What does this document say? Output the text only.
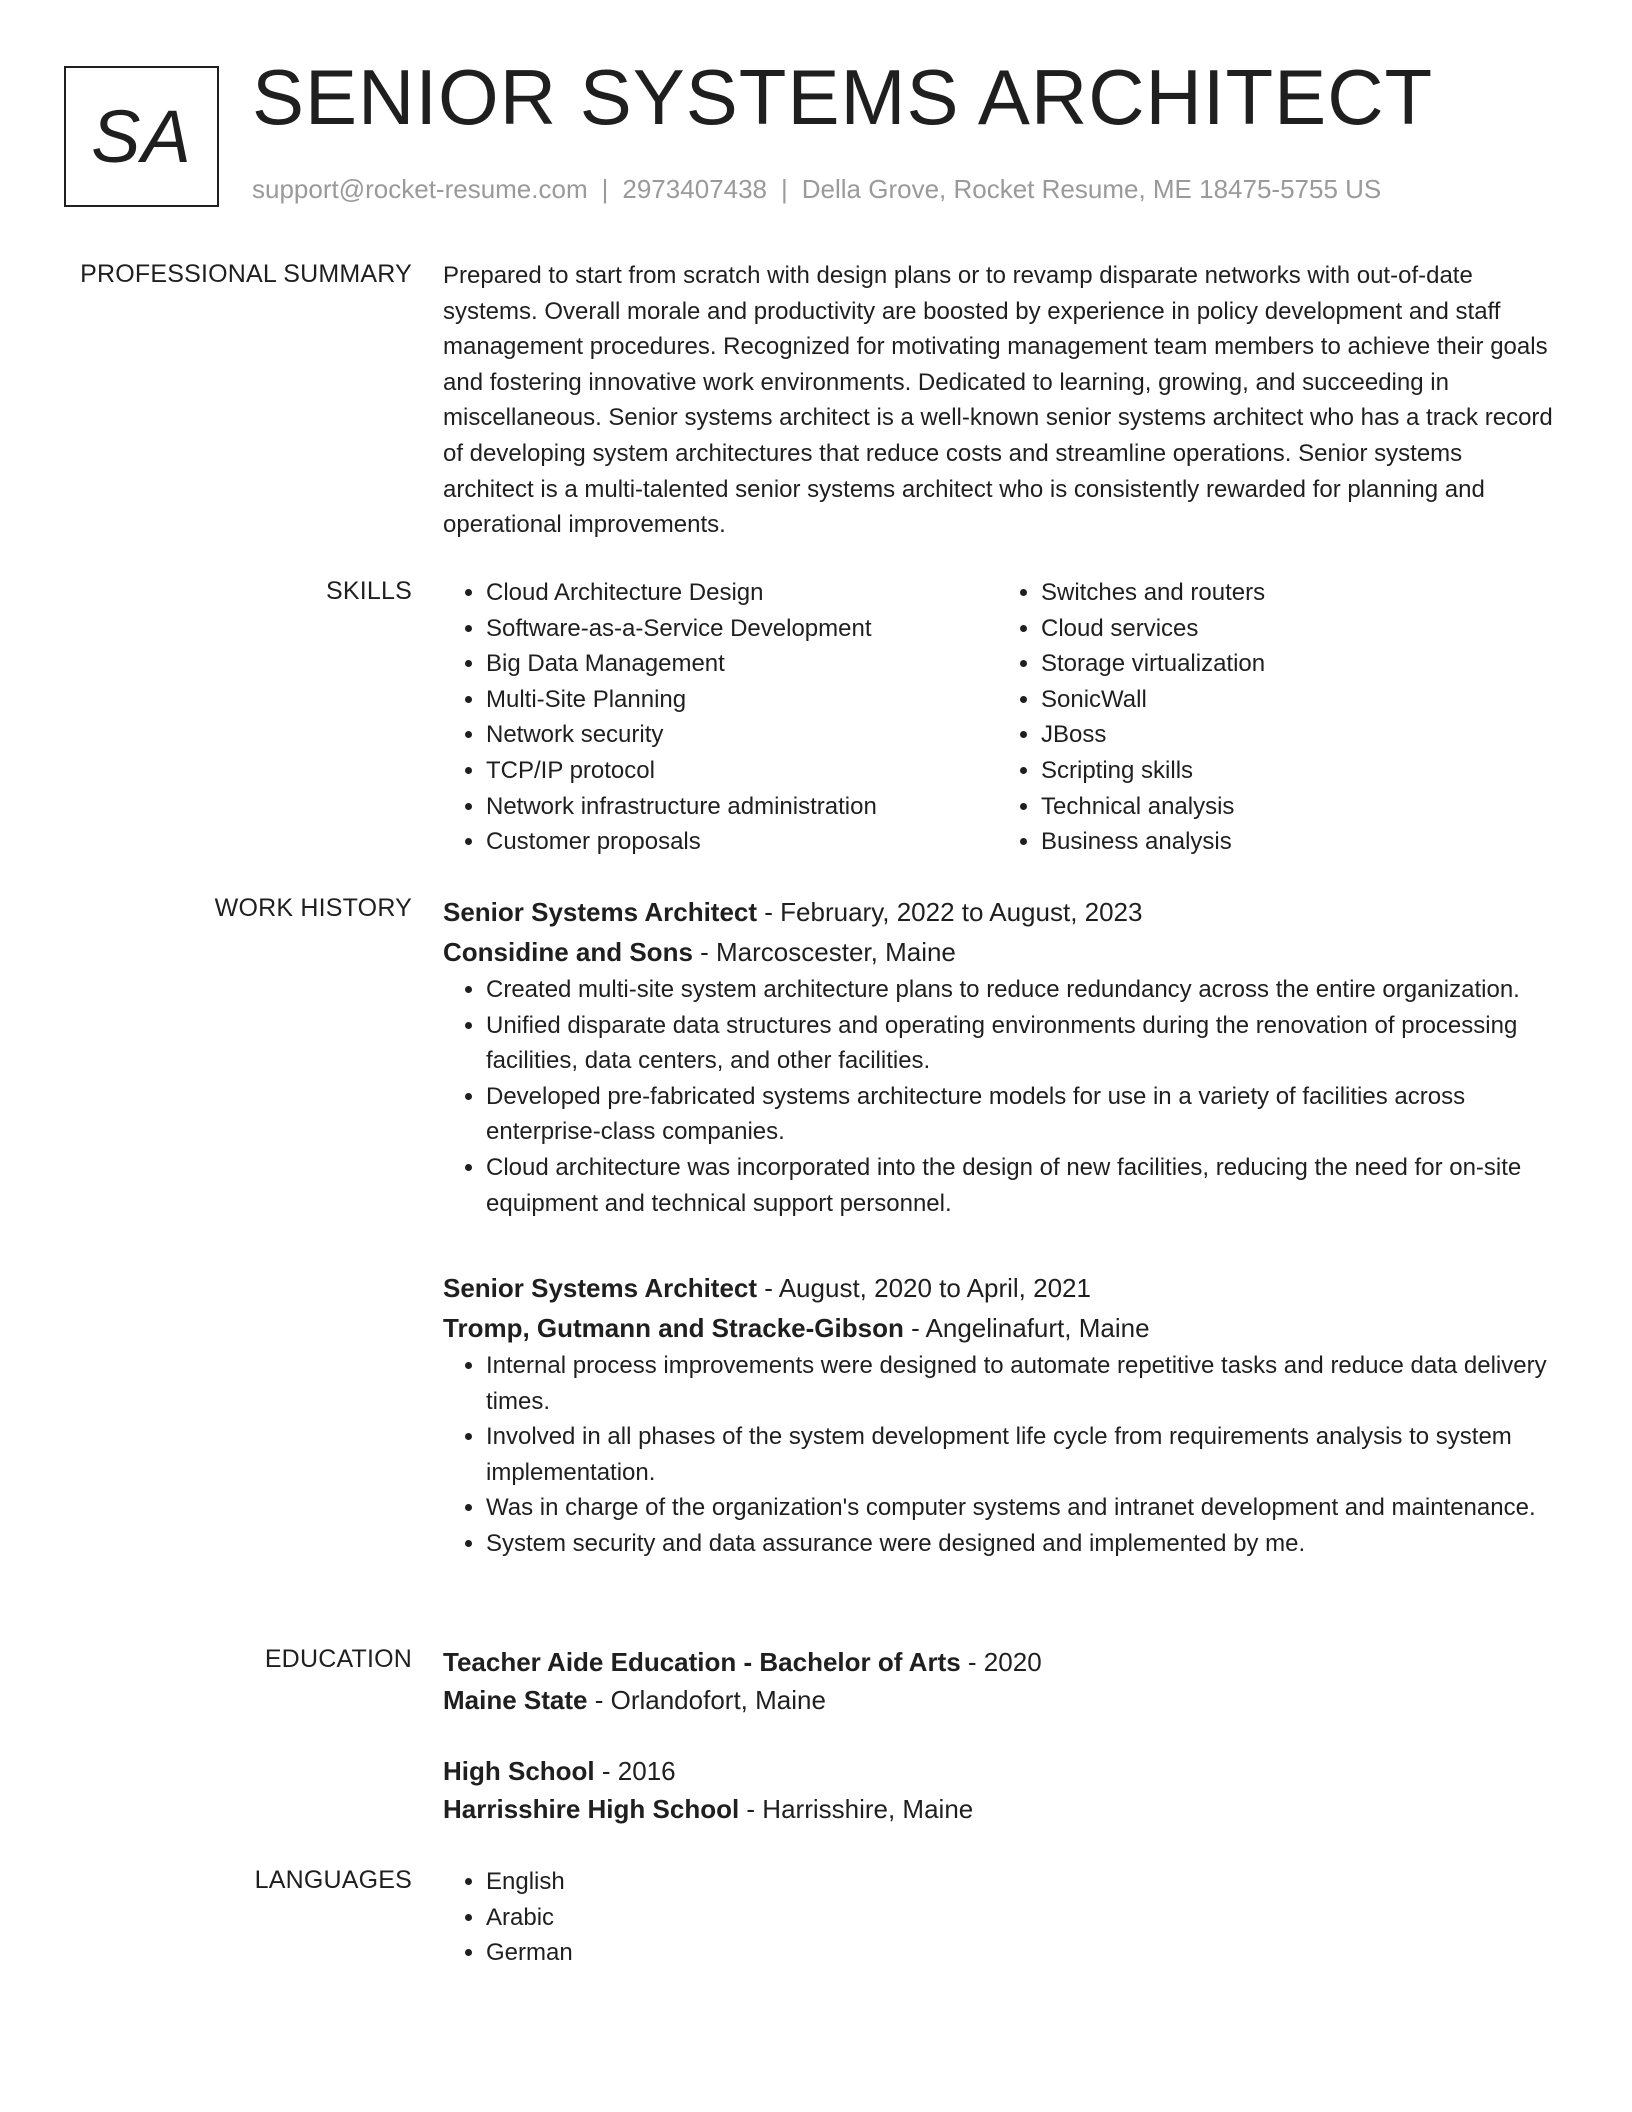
SA SENIOR SYSTEMS ARCHITECT
support@rocket-resume.com | 2973407438 | Della Grove, Rocket Resume, ME 18475-5755 US
PROFESSIONAL SUMMARY Prepared to start from scratch with design plans or to revamp disparate networks with out-of-date systems. Overall morale and productivity are boosted by experience in policy development and staff management procedures. Recognized for motivating management team members to achieve their goals and fostering innovative work environments. Dedicated to learning, growing, and succeeding in miscellaneous. Senior systems architect is a well-known senior systems architect who has a track record of developing system architectures that reduce costs and streamline operations. Senior systems architect is a multi-talented senior systems architect who is consistently rewarded for planning and operational improvements.

SKILLS	• Cloud Architecture Design
• Software-as-a-Service Development
• Big Data Management
• Multi-Site Planning
• Network security
• TCP/IP protocol
• Network infrastructure administration
• Customer proposals
• Switches and routers
• Cloud services
• Storage virtualization
• SonicWall
• JBoss
• Scripting skills
• Technical analysis
• Business analysis
WORK HISTORY Senior Systems Architect - February, 2022 to August, 2023
Considine and Sons - Marcoscester, Maine
• Created multi-site system architecture plans to reduce redundancy across the entire organization.
• Unified disparate data structures and operating environments during the renovation of processing facilities, data centers, and other facilities.
• Developed pre-fabricated systems architecture models for use in a variety of facilities across enterprise-class companies.
• Cloud architecture was incorporated into the design of new facilities, reducing the need for on-site equipment and technical support personnel.
Senior Systems Architect - August, 2020 to April, 2021
Tromp, Gutmann and Stracke-Gibson - Angelinafurt, Maine
• Internal process improvements were designed to automate repetitive tasks and reduce data delivery times.
• Involved in all phases of the system development life cycle from requirements analysis to system implementation.
• Was in charge of the organization's computer systems and intranet development and maintenance.
• System security and data assurance were designed and implemented by me.
EDUCATION Teacher Aide Education - Bachelor of Arts - 2020
Maine State - Orlandofort, Maine
High School - 2016
Harrisshire High School - Harrisshire, Maine
LANGUAGES	• English
• Arabic
• German
